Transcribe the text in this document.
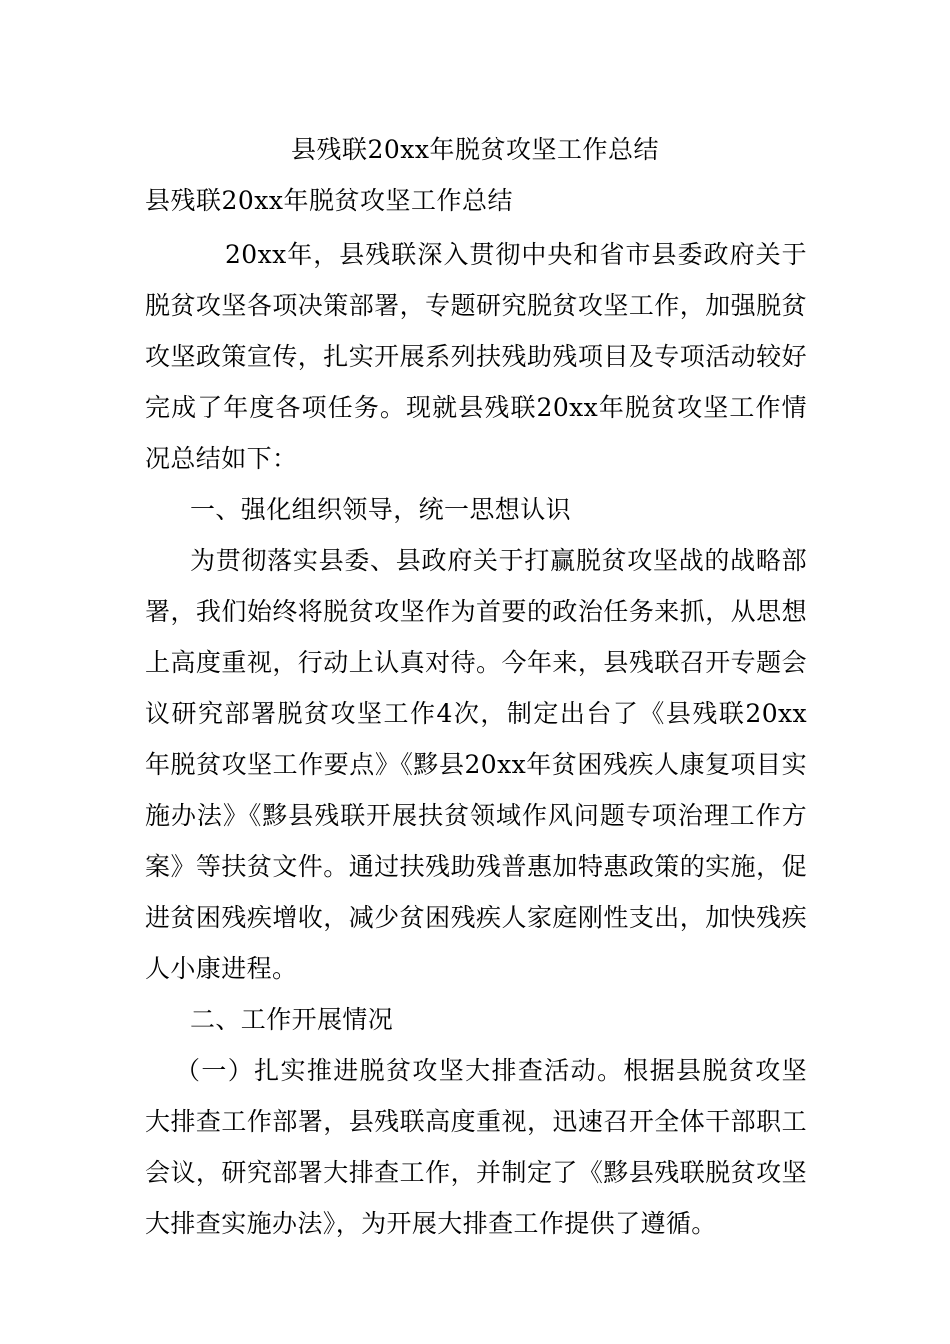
县残联20xx年脱贫攻坚工作总结
县残联20xx年脱贫攻坚工作总结

20xx年，县残联深入贯彻中央和省市县委政府关于脱贫攻坚各项决策部署，专题研究脱贫攻坚工作，加强脱贫攻坚政策宣传，扎实开展系列扶残助残项目及专项活动较好完成了年度各项任务。现就县残联20xx年脱贫攻坚工作情况总结如下：

一、强化组织领导，统一思想认识

为贯彻落实县委、县政府关于打赢脱贫攻坚战的战略部署，我们始终将脱贫攻坚作为首要的政治任务来抓，从思想上高度重视，行动上认真对待。今年来，县残联召开专题会议研究部署脱贫攻坚工作4次，制定出台了《县残联20xx年脱贫攻坚工作要点》《黟县20xx年贫困残疾人康复项目实施办法》《黟县残联开展扶贫领域作风问题专项治理工作方案》等扶贫文件。通过扶残助残普惠加特惠政策的实施，促进贫困残疾增收，减少贫困残疾人家庭刚性支出，加快残疾人小康进程。

二、工作开展情况

（一）扎实推进脱贫攻坚大排查活动。根据县脱贫攻坚大排查工作部署，县残联高度重视，迅速召开全体干部职工会议，研究部署大排查工作，并制定了《黟县残联脱贫攻坚大排查实施办法》，为开展大排查工作提供了遵循。
